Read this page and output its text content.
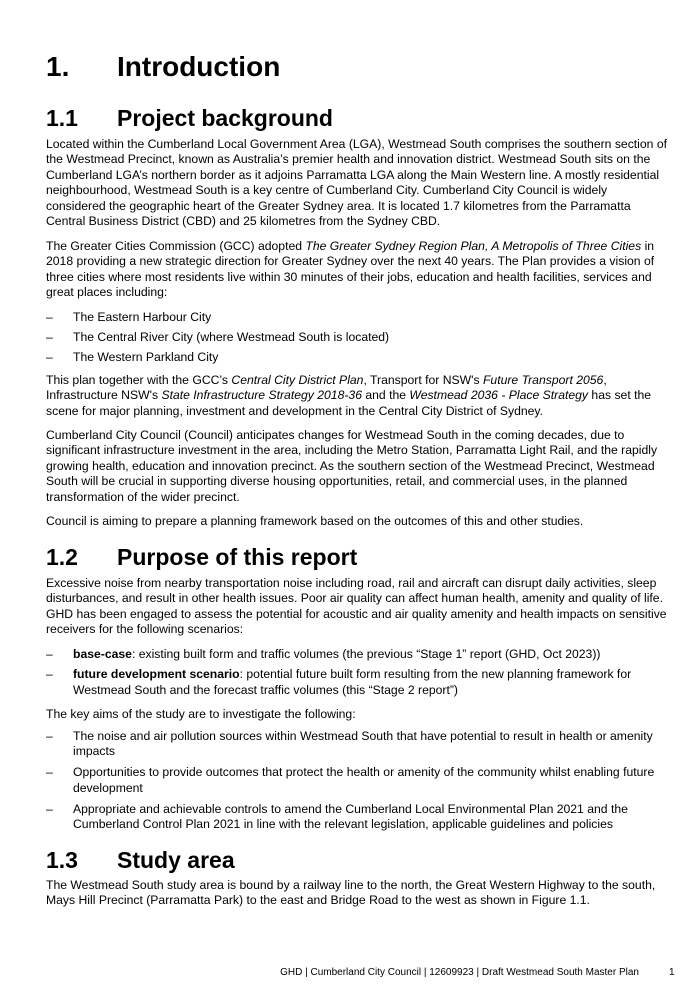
1. Introduction
1.1 Project background

Located within the Cumberland Local Government Area (LGA), Westmead South comprises the southern section of the Westmead Precinct, known as Australia’s premier health and innovation district. Westmead South sits on the Cumberland LGA’s northern border as it adjoins Parramatta LGA along the Main Western line. A mostly residential neighbourhood, Westmead South is a key centre of Cumberland City. Cumberland City Council is widely considered the geographic heart of the Greater Sydney area. It is located 1.7 kilometres from the Parramatta Central Business District (CBD) and 25 kilometres from the Sydney CBD.

The Greater Cities Commission (GCC) adopted The Greater Sydney Region Plan, A Metropolis of Three Cities in 2018 providing a new strategic direction for Greater Sydney over the next 40 years. The Plan provides a vision of three cities where most residents live within 30 minutes of their jobs, education and health facilities, services and great places including:

– The Eastern Harbour City
– The Central River City (where Westmead South is located)
– The Western Parkland City

This plan together with the GCC’s Central City District Plan, Transport for NSW's Future Transport 2056, Infrastructure NSW's State Infrastructure Strategy 2018-36 and the Westmead 2036 - Place Strategy has set the scene for major planning, investment and development in the Central City District of Sydney.

Cumberland City Council (Council) anticipates changes for Westmead South in the coming decades, due to significant infrastructure investment in the area, including the Metro Station, Parramatta Light Rail, and the rapidly growing health, education and innovation precinct. As the southern section of the Westmead Precinct, Westmead South will be crucial in supporting diverse housing opportunities, retail, and commercial uses, in the planned transformation of the wider precinct.

Council is aiming to prepare a planning framework based on the outcomes of this and other studies.

1.2 Purpose of this report

Excessive noise from nearby transportation noise including road, rail and aircraft can disrupt daily activities, sleep disturbances, and result in other health issues. Poor air quality can affect human health, amenity and quality of life. GHD has been engaged to assess the potential for acoustic and air quality amenity and health impacts on sensitive receivers for the following scenarios:

– base-case: existing built form and traffic volumes (the previous “Stage 1” report (GHD, Oct 2023))
– future development scenario: potential future built form resulting from the new planning framework for Westmead South and the forecast traffic volumes (this “Stage 2 report”)

The key aims of the study are to investigate the following:

– The noise and air pollution sources within Westmead South that have potential to result in health or amenity impacts
– Opportunities to provide outcomes that protect the health or amenity of the community whilst enabling future development
– Appropriate and achievable controls to amend the Cumberland Local Environmental Plan 2021 and the Cumberland Control Plan 2021 in line with the relevant legislation, applicable guidelines and policies
1.3 Study area

The Westmead South study area is bound by a railway line to the north, the Great Western Highway to the south, Mays Hill Precinct (Parramatta Park) to the east and Bridge Road to the west as shown in Figure 1.1.

GHD | Cumberland City Council | 12609923 | Draft Westmead South Master Plan	1
